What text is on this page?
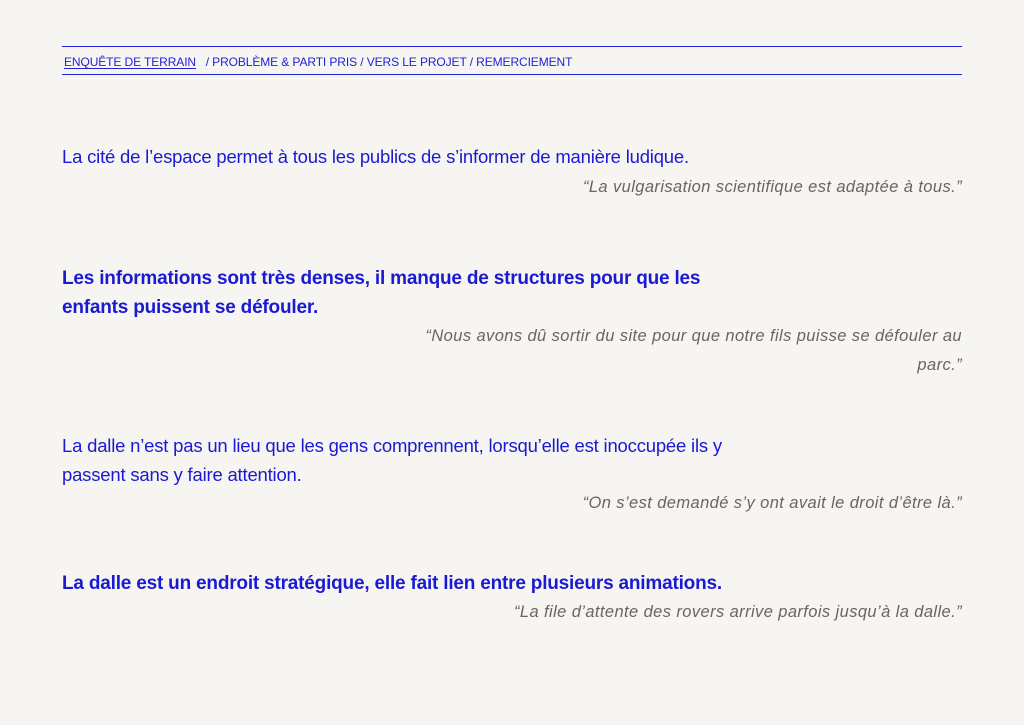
ENQUÊTE DE TERRAIN   / PROBLÈME & PARTI PRIS / VERS LE PROJET / REMERCIEMENT

La cité de l’espace permet à tous les publics de s’informer de manière ludique.

“La vulgarisation scientifique est adaptée à tous.”

Les informations sont très denses, il manque de structures pour que les enfants puissent se défouler.

“Nous avons dû sortir du site pour que notre fils puisse se défouler au parc.”

La dalle n’est pas un lieu que les gens comprennent, lorsqu’elle est inoccupée ils y passent sans y faire attention.

“On s’est demandé s’y ont avait le droit d’être là.”

La dalle est un endroit stratégique, elle fait lien entre plusieurs animations.

“La file d’attente des rovers arrive parfois jusqu’à la dalle.”
